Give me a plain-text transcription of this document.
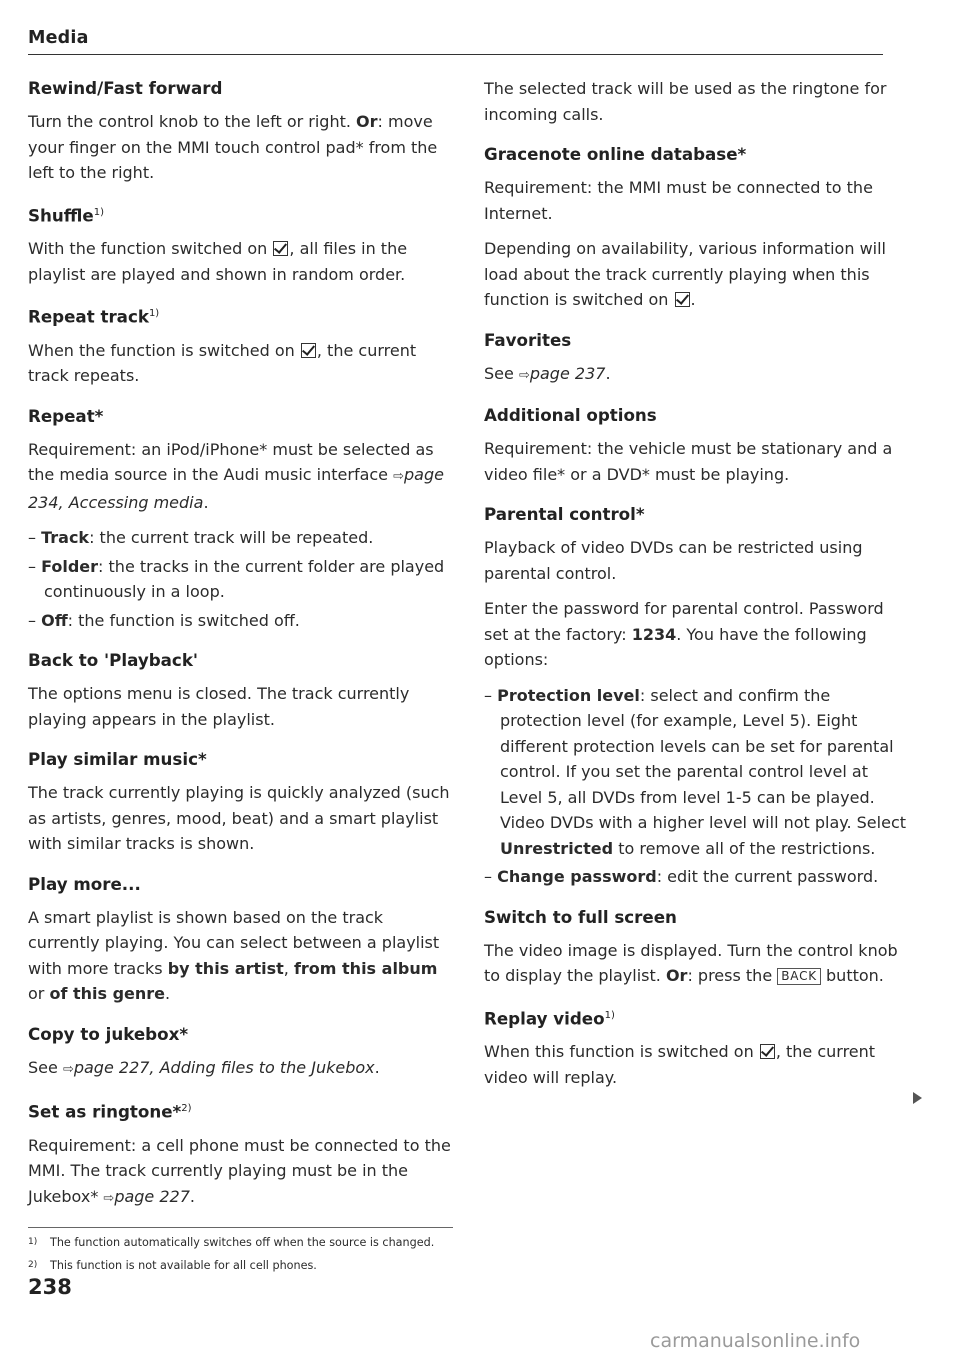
Media
Rewind/Fast forward

Turn the control knob to the left or right. Or: move your finger on the MMI touch control pad* from the left to the right.

Shuffle$^{1)}$

With the function switched on , all files in the playlist are played and shown in random order.

Repeat track$^{1)}$

When the function is switched on , the current track repeats.

Repeat*

Requirement: an iPod/iPhone* must be selected as the media source in the Audi music interface ⇨page 234, Accessing media.

– Track: the current track will be repeated.
– Folder: the tracks in the current folder are played continuously in a loop.
– Off: the function is switched off.
Back to 'Playback'

The options menu is closed. The track currently playing appears in the playlist.

Play similar music*

The track currently playing is quickly analyzed (such as artists, genres, mood, beat) and a smart playlist with similar tracks is shown.

Play more...

A smart playlist is shown based on the track currently playing. You can select between a playlist with more tracks by this artist, from this album or of this genre.

Copy to jukebox*

See ⇨page 227, Adding files to the Jukebox.

Set as ringtone*$^{2)}$

Requirement: a cell phone must be connected to the MMI. The track currently playing must be in the Jukebox* ⇨page 227.

1) The function automatically switches off when the source is changed.
2) This function is not available for all cell phones.

The selected track will be used as the ringtone for incoming calls.

Gracenote online database*

Requirement: the MMI must be connected to the Internet.

Depending on availability, various information will load about the track currently playing when this function is switched on .

Favorites

See ⇨page 237.

Additional options

Requirement: the vehicle must be stationary and a video file* or a DVD* must be playing.

Parental control*

Playback of video DVDs can be restricted using parental control.

Enter the password for parental control. Password set at the factory: 1234. You have the following options:

– Protection level: select and confirm the protection level (for example, Level 5). Eight different protection levels can be set for parental control. If you set the parental control level at Level 5, all DVDs from level 1-5 can be played. Video DVDs with a higher level will not play. Select Unrestricted to remove all of the restrictions.
– Change password: edit the current password.
Switch to full screen

The video image is displayed. Turn the control knob to display the playlist. Or: press the BACK button.

Replay video$^{1)}$

When this function is switched on , the current video will replay.

238
carmanualsonline.info
